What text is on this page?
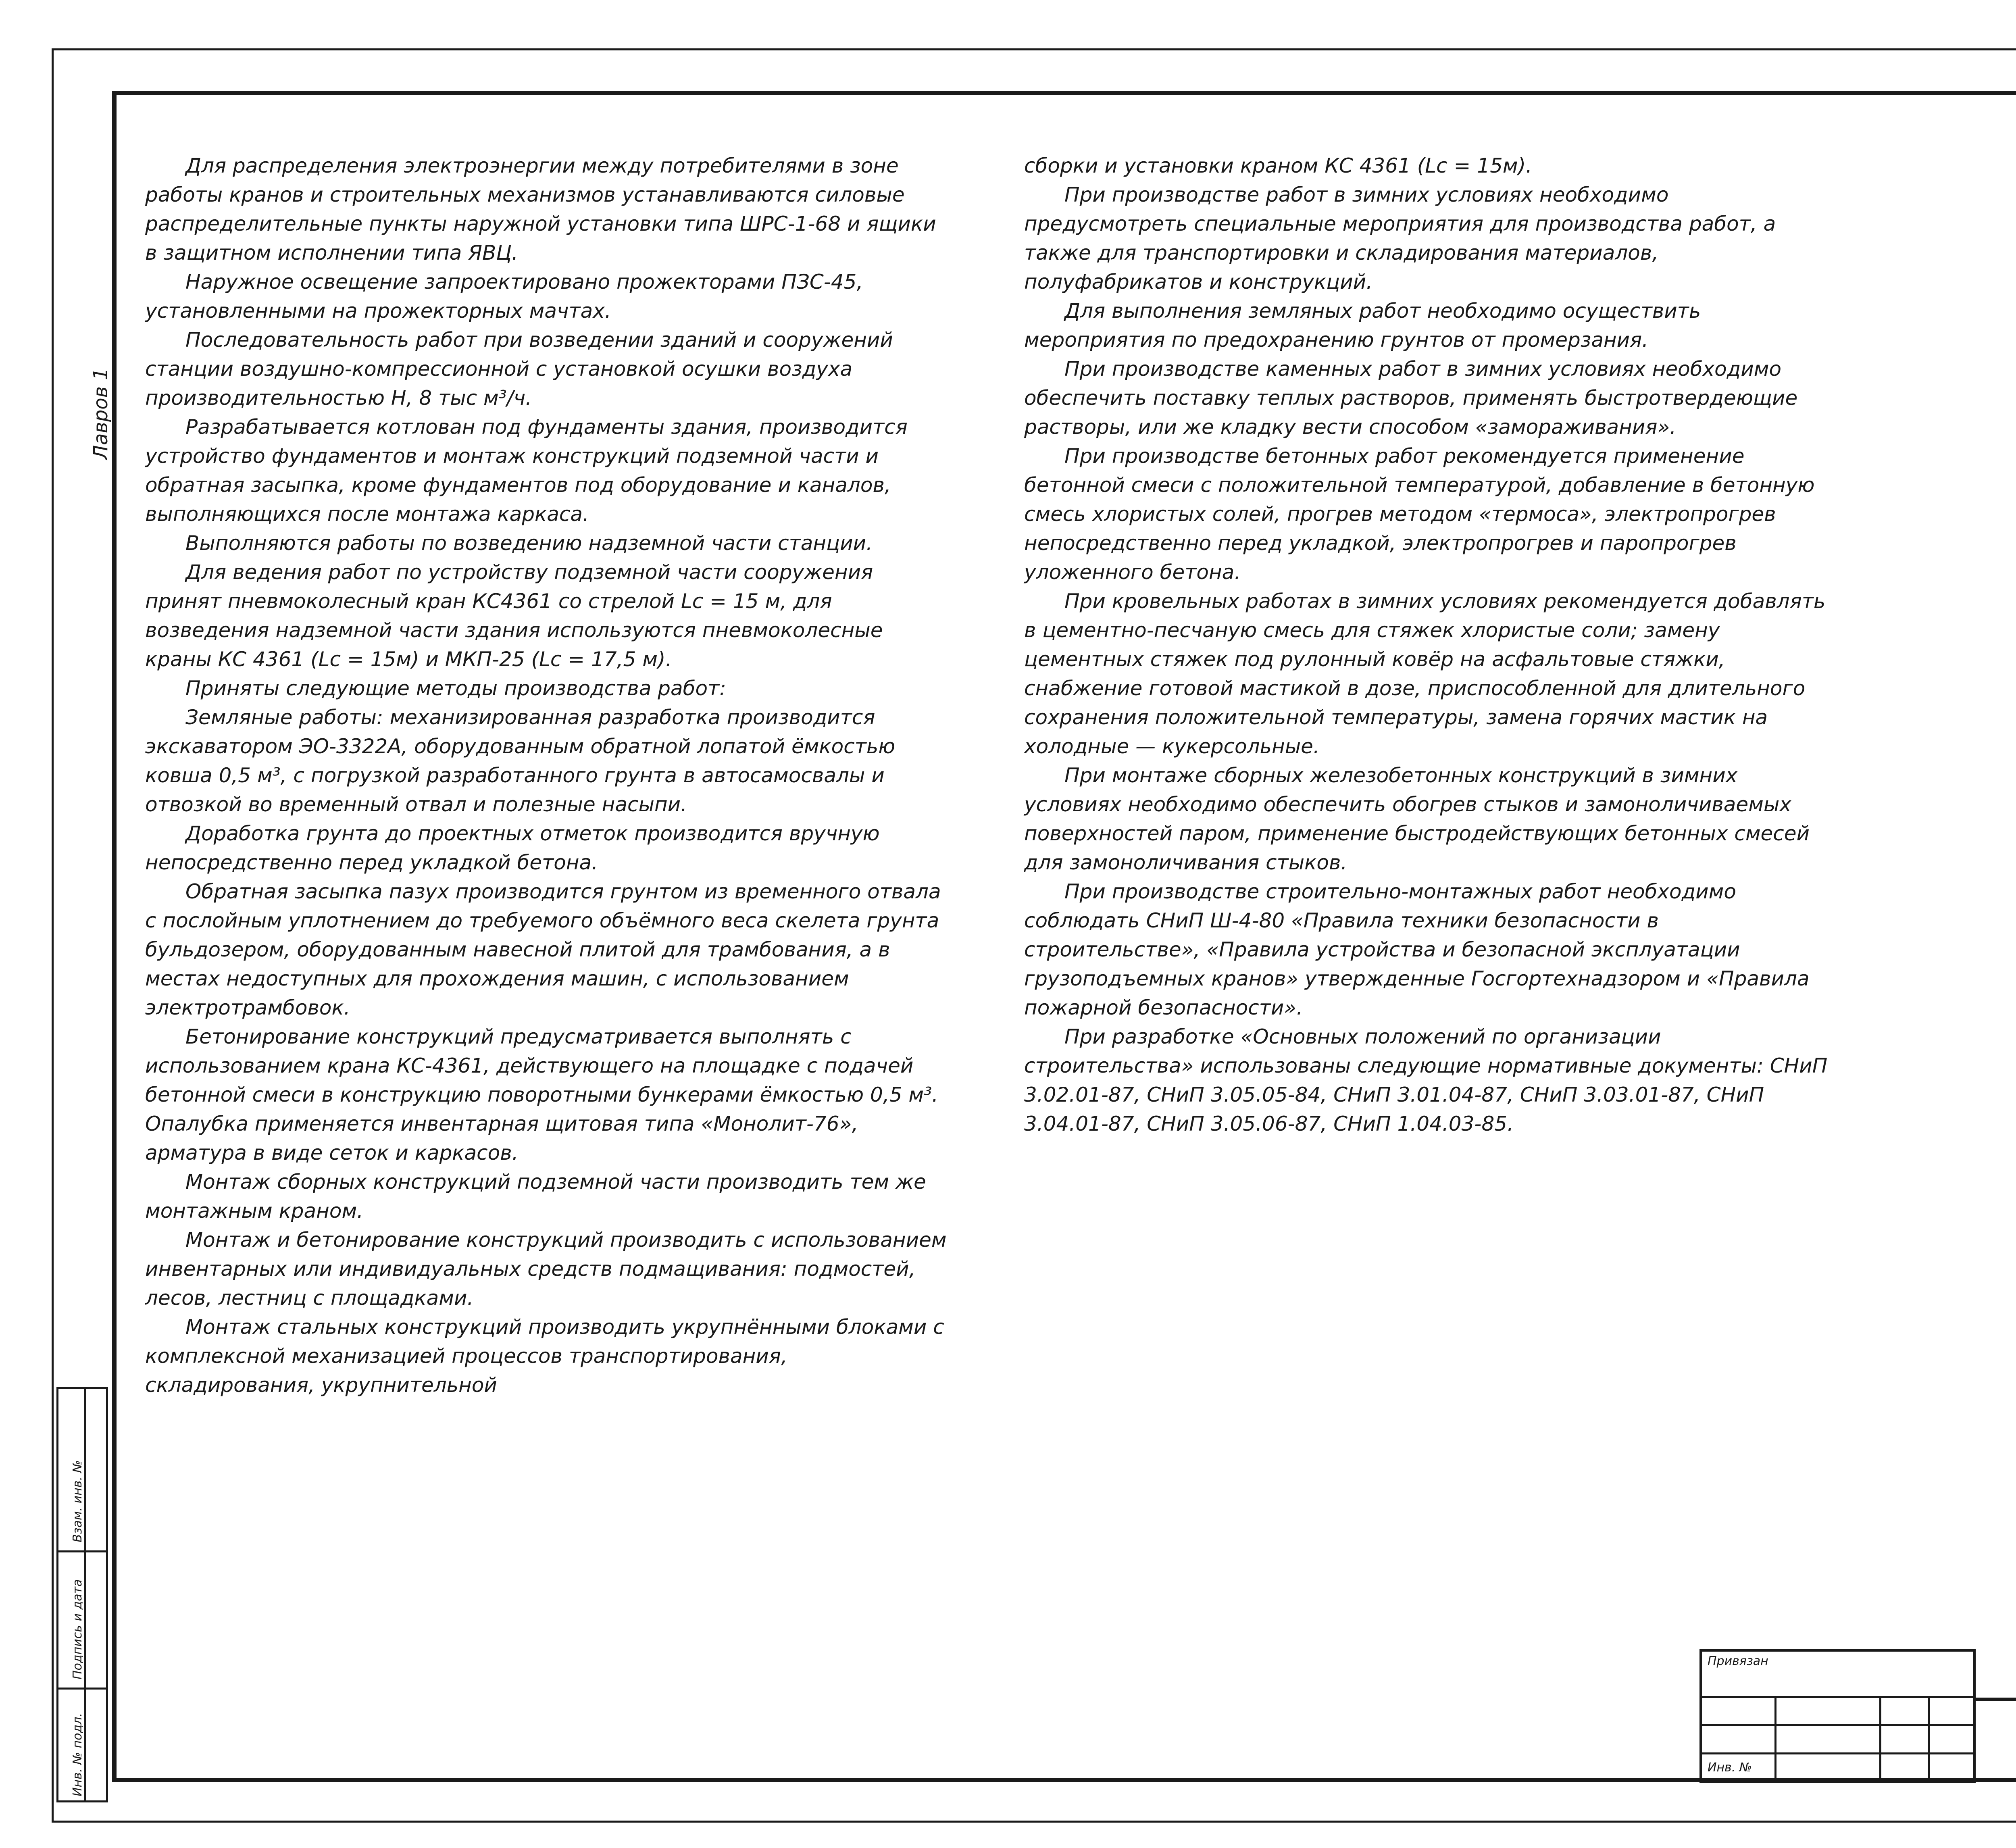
Лавров 1
Инв. № подл.
Подпись и дата
Взам. инв. №

Для распределения электроэнергии между потребителями в зоне работы кранов и строительных механизмов устанавливаются силовые распределительные пункты наружной установки типа ШРС-1-68 и ящики в защитном исполнении типа ЯВЦ.

Наружное освещение запроектировано прожекторами ПЗС-45, установленными на прожекторных мачтах.

Последовательность работ при возведении зданий и сооружений станции воздушно-компрессионной с установкой осушки воздуха производительностью Н, 8 тыс м³/ч.

Разрабатывается котлован под фундаменты здания, производится устройство фундаментов и монтаж конструкций подземной части и обратная засыпка, кроме фундаментов под оборудование и каналов, выполняющихся после монтажа каркаса.

Выполняются работы по возведению надземной части станции.

Для ведения работ по устройству подземной части сооружения принят пневмоколесный кран КС4361 со стрелой Lc = 15 м, для возведения надземной части здания используются пневмоколесные краны КС 4361 (Lc = 15м) и МКП-25 (Lc = 17,5 м).

Приняты следующие методы производства работ:

Земляные работы: механизированная разработка производится экскаватором ЭО-3322А, оборудованным обратной лопатой ёмкостью ковша 0,5 м³, с погрузкой разработанного грунта в автосамосвалы и отвозкой во временный отвал и полезные насыпи.

Доработка грунта до проектных отметок производится вручную непосредственно перед укладкой бетона.

Обратная засыпка пазух производится грунтом из временного отвала с послойным уплотнением до требуемого объёмного веса скелета грунта бульдозером, оборудованным навесной плитой для трамбования, а в местах недоступных для прохождения машин, с использованием электротрамбовок.

Бетонирование конструкций предусматривается выполнять с использованием крана КС-4361, действующего на площадке с подачей бетонной смеси в конструкцию поворотными бункерами ёмкостью 0,5 м³. Опалубка применяется инвентарная щитовая типа «Монолит-76», арматура в виде сеток и каркасов.

Монтаж сборных конструкций подземной части производить тем же монтажным краном.

Монтаж и бетонирование конструкций производить с использованием инвентарных или индивидуальных средств подмащивания: подмостей, лесов, лестниц с площадками.

Монтаж стальных конструкций производить укрупнёнными блоками с комплексной механизацией процессов транспортирования, складирования, укрупнительной

сборки и установки краном КС 4361 (Lc = 15м).

При производстве работ в зимних условиях необходимо предусмотреть специальные мероприятия для производства работ, а также для транспортировки и складирования материалов, полуфабрикатов и конструкций.

Для выполнения земляных работ необходимо осуществить мероприятия по предохранению грунтов от промерзания.

При производстве каменных работ в зимних условиях необходимо обеспечить поставку теплых растворов, применять быстротвердеющие растворы, или же кладку вести способом «замораживания».

При производстве бетонных работ рекомендуется применение бетонной смеси с положительной температурой, добавление в бетонную смесь хлористых солей, прогрев методом «термоса», электропрогрев непосредственно перед укладкой, электропрогрев и паропрогрев уложенного бетона.

При кровельных работах в зимних условиях рекомендуется добавлять в цементно-песчаную смесь для стяжек хлористые соли; замену цементных стяжек под рулонный ковёр на асфальтовые стяжки, снабжение готовой мастикой в дозе, приспособленной для длительного сохранения положительной температуры, замена горячих мастик на холодные — кукерсольные.

При монтаже сборных железобетонных конструкций в зимних условиях необходимо обеспечить обогрев стыков и замоноличиваемых поверхностей паром, применение быстродействующих бетонных смесей для замоноличивания стыков.

При производстве строительно-монтажных работ необходимо соблюдать СНиП Ш-4-80 «Правила техники безопасности в строительстве», «Правила устройства и безопасной эксплуатации грузоподъемных кранов» утвержденные Госгортехнадзором и «Правила пожарной безопасности».

При разработке «Основных положений по организации строительства» использованы следующие нормативные документы: СНиП 3.02.01-87, СНиП 3.05.05-84, СНиП 3.01.04-87, СНиП 3.03.01-87, СНиП 3.04.01-87, СНиП 3.05.06-87, СНиП 1.04.03-85.

Привязан
Инв. №
